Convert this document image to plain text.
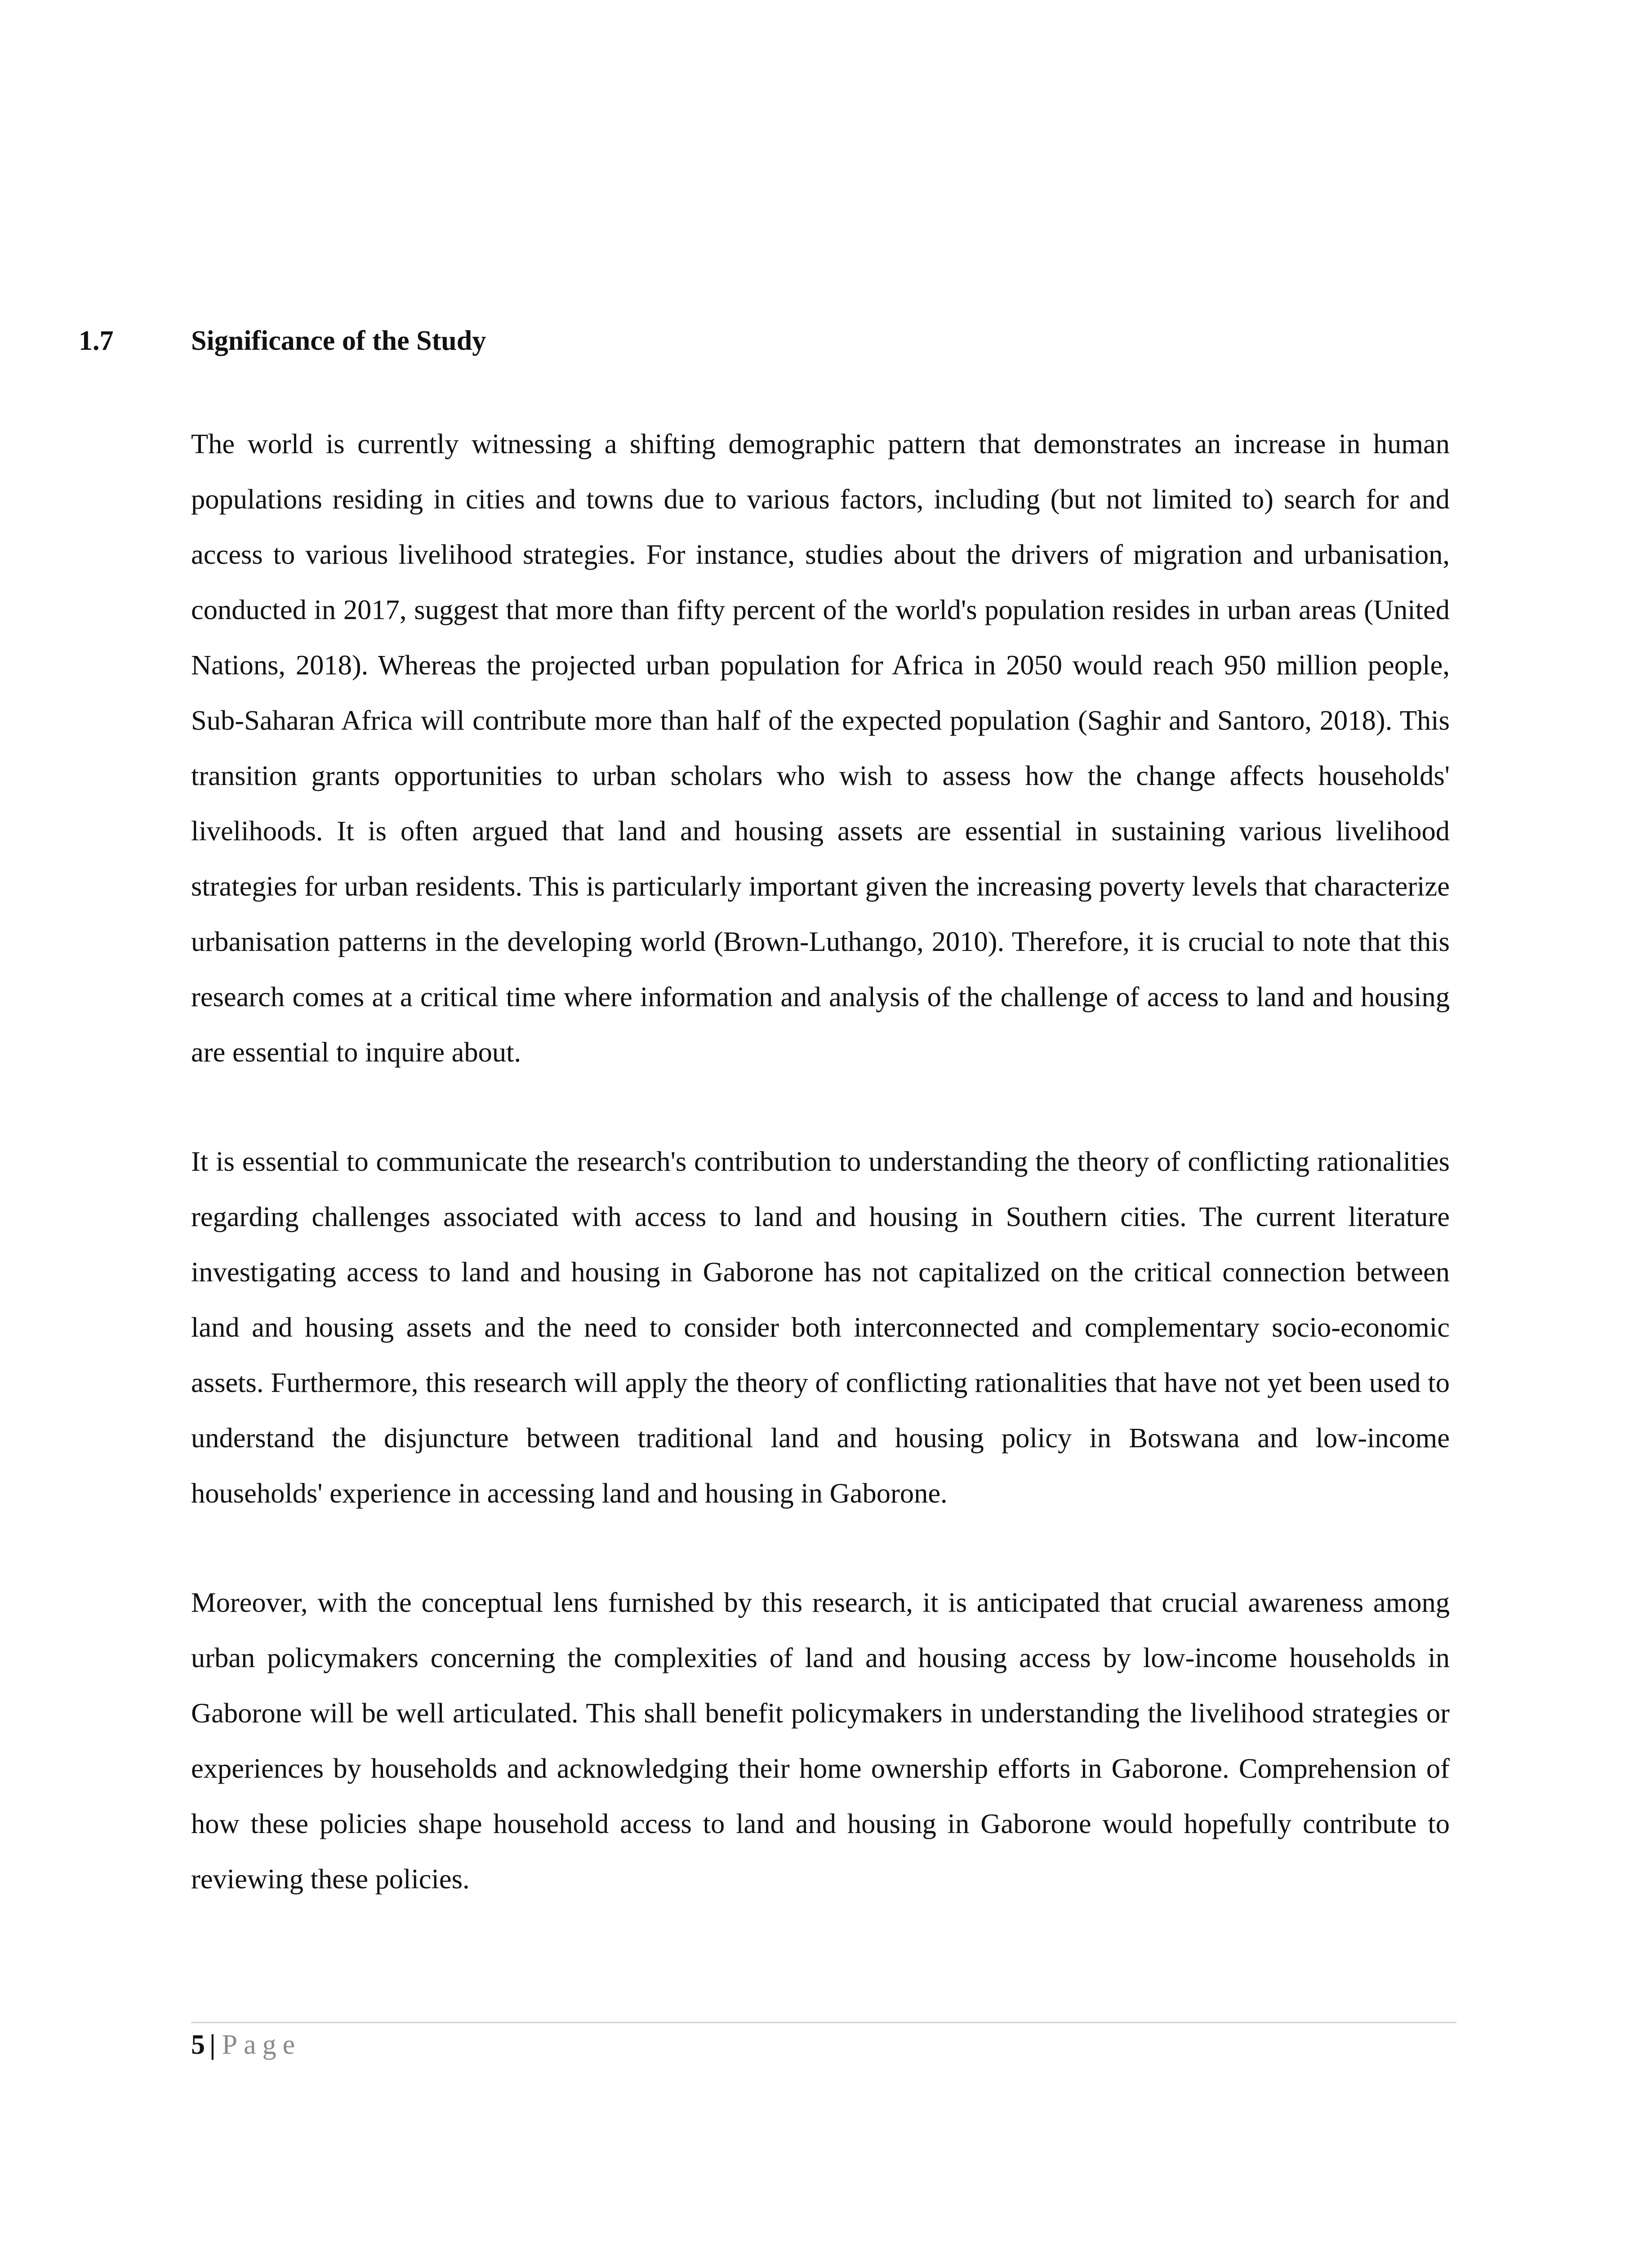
1.7	Significance of the Study

The world is currently witnessing a shifting demographic pattern that demonstrates an increase in human populations residing in cities and towns due to various factors, including (but not limited to) search for and access to various livelihood strategies. For instance, studies about the drivers of migration and urbanisation, conducted in 2017, suggest that more than fifty percent of the world's population resides in urban areas (United Nations, 2018). Whereas the projected urban population for Africa in 2050 would reach 950 million people, Sub-Saharan Africa will contribute more than half of the expected population (Saghir and Santoro, 2018). This transition grants opportunities to urban scholars who wish to assess how the change affects households' livelihoods. It is often argued that land and housing assets are essential in sustaining various livelihood strategies for urban residents. This is particularly important given the increasing poverty levels that characterize urbanisation patterns in the developing world (Brown-Luthango, 2010). Therefore, it is crucial to note that this research comes at a critical time where information and analysis of the challenge of access to land and housing are essential to inquire about.

It is essential to communicate the research's contribution to understanding the theory of conflicting rationalities regarding challenges associated with access to land and housing in Southern cities. The current literature investigating access to land and housing in Gaborone has not capitalized on the critical connection between land and housing assets and the need to consider both interconnected and complementary socio-economic assets. Furthermore, this research will apply the theory of conflicting rationalities that have not yet been used to understand the disjuncture between traditional land and housing policy in Botswana and low-income households' experience in accessing land and housing in Gaborone.

Moreover, with the conceptual lens furnished by this research, it is anticipated that crucial awareness among urban policymakers concerning the complexities of land and housing access by low-income households in Gaborone will be well articulated. This shall benefit policymakers in understanding the livelihood strategies or experiences by households and acknowledging their home ownership efforts in Gaborone. Comprehension of how these policies shape household access to land and housing in Gaborone would hopefully contribute to reviewing these policies.

5 | Page
